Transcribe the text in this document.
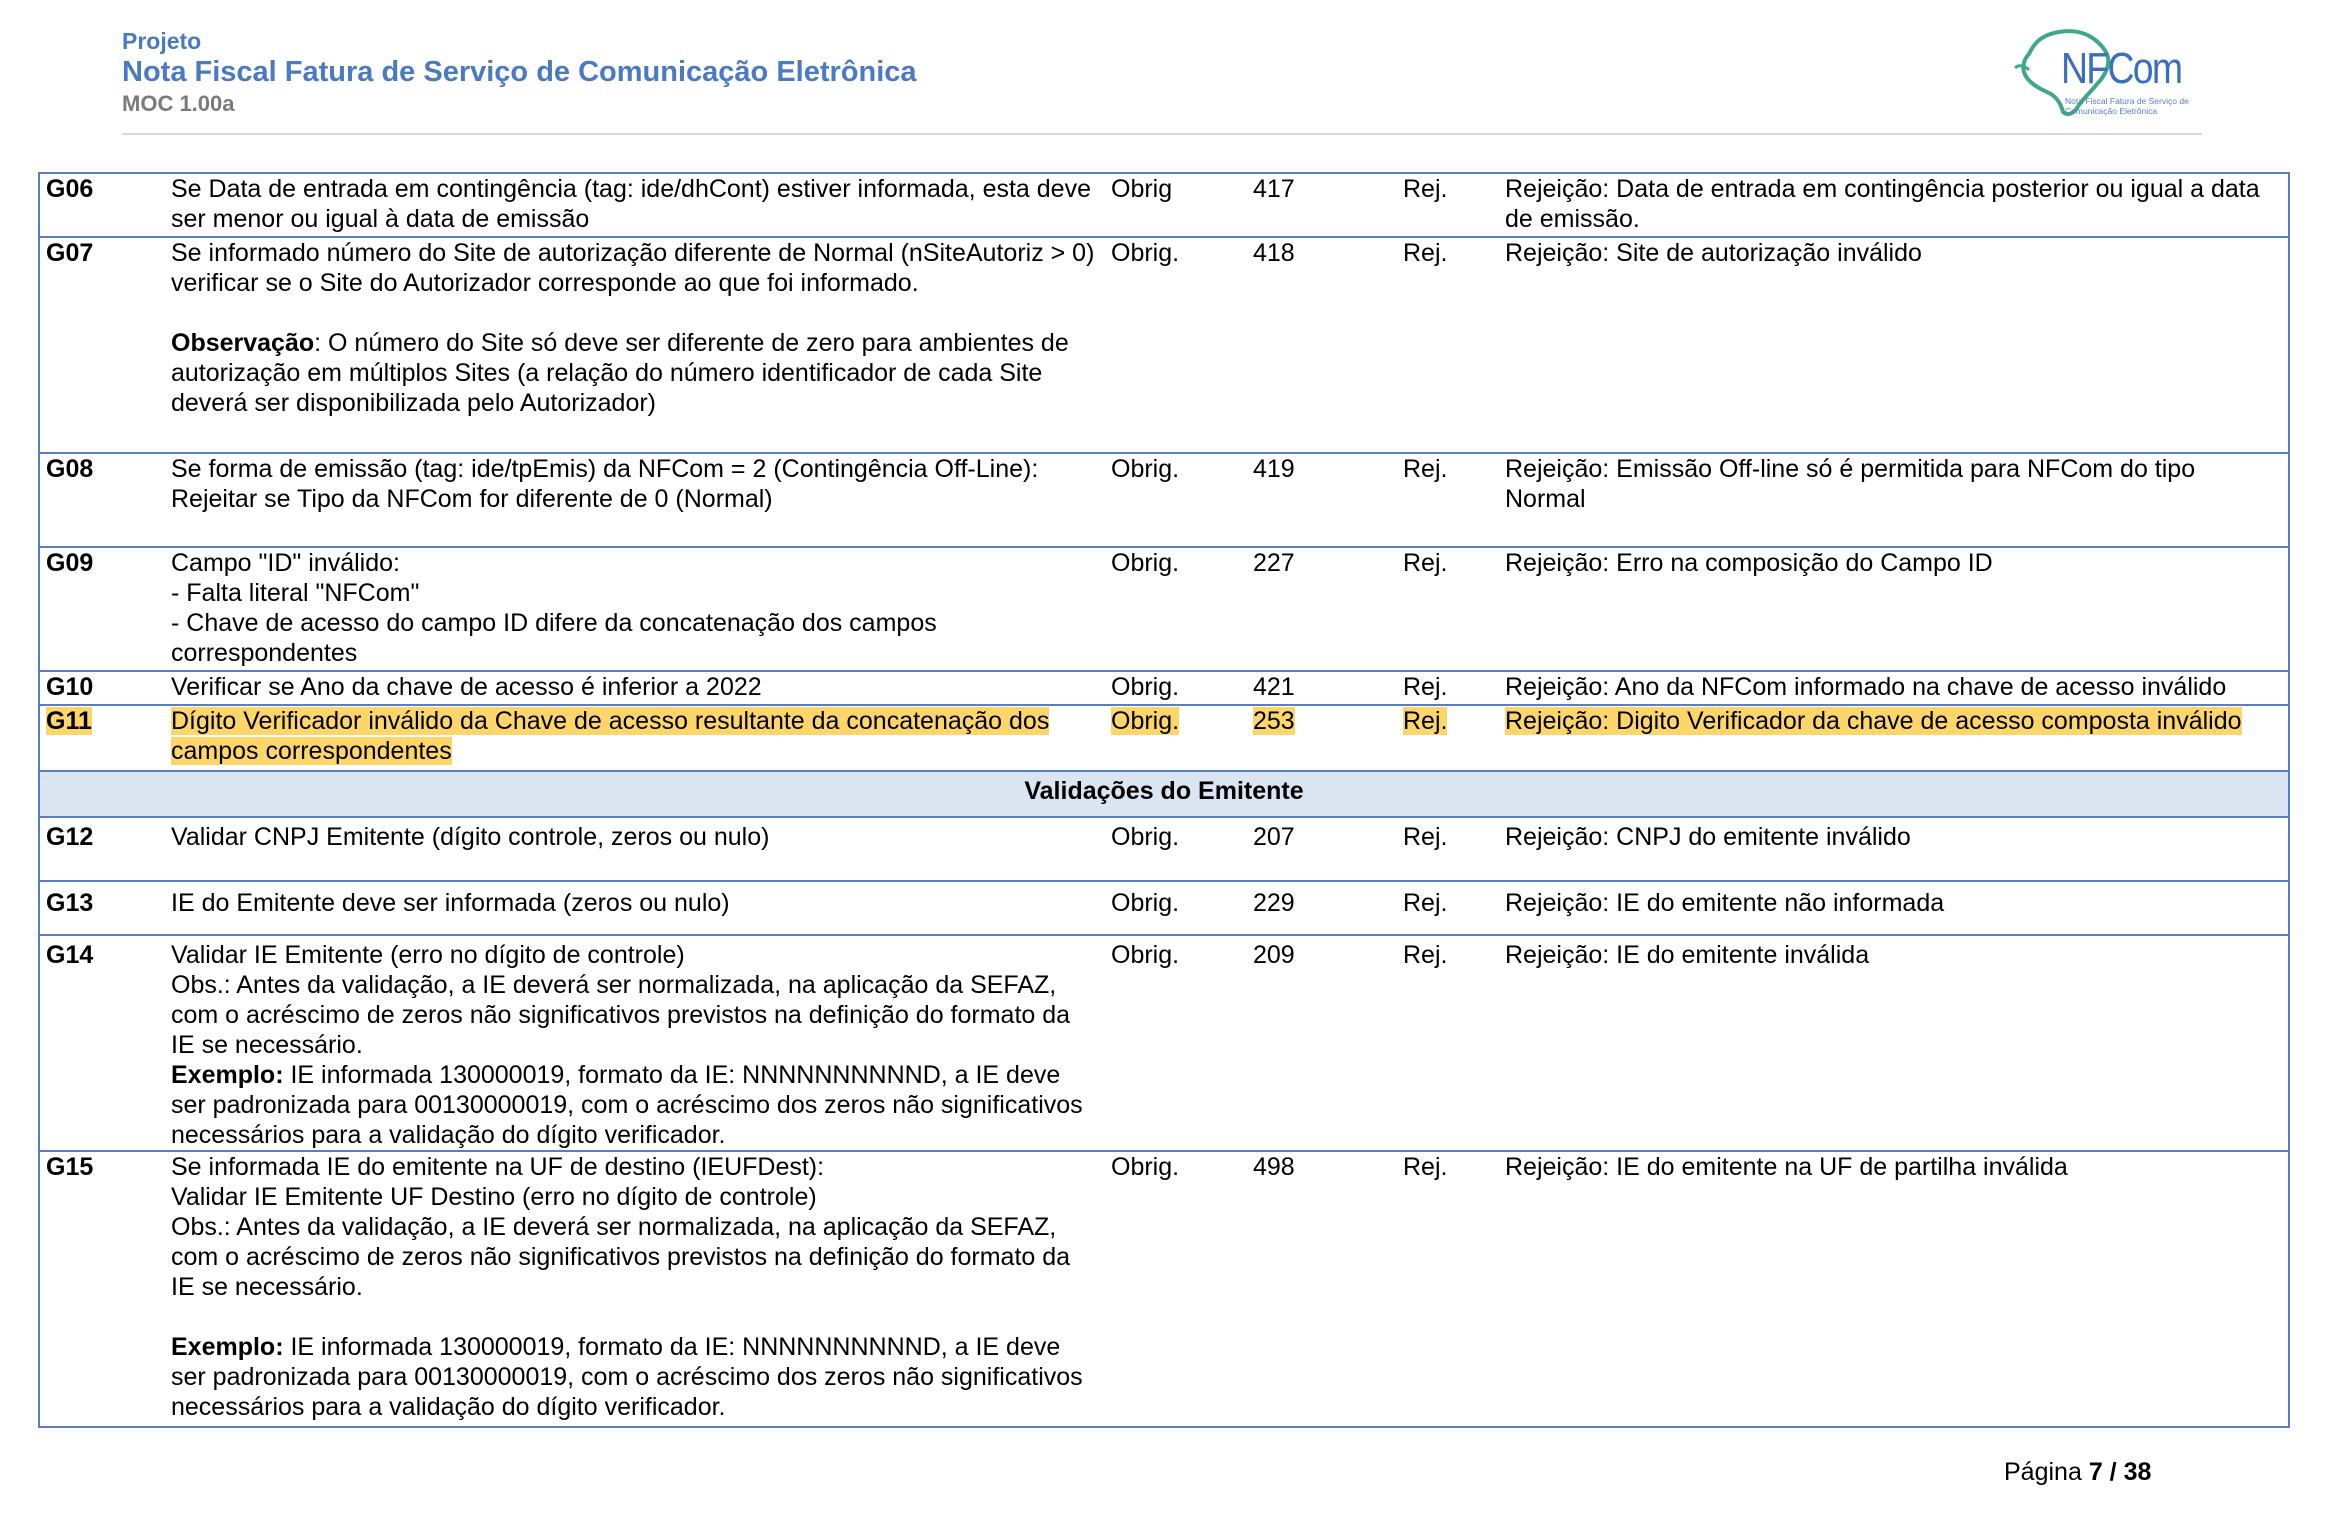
Projeto
Nota Fiscal Fatura de Serviço de Comunicação Eletrônica
MOC 1.00a
NFCom
Nota Fiscal Fatura de Serviço de
Comunicação Eletrônica
G06	Se Data de entrada em contingência (tag: ide/dhCont) estiver informada, esta deve ser menor ou igual à data de emissão	Obrig	417	Rej.	Rejeição: Data de entrada em contingência posterior ou igual a data de emissão.
G07	Se informado número do Site de autorização diferente de Normal (nSiteAutoriz > 0) verificar se o Site do Autorizador corresponde ao que foi informado.
Observação: O número do Site só deve ser diferente de zero para ambientes de autorização em múltiplos Sites (a relação do número identificador de cada Site deverá ser disponibilizada pelo Autorizador)	Obrig.	418	Rej.	Rejeição: Site de autorização inválido
G08	Se forma de emissão (tag: ide/tpEmis) da NFCom = 2 (Contingência Off-Line):
Rejeitar se Tipo da NFCom for diferente de 0 (Normal)	Obrig.	419	Rej.	Rejeição: Emissão Off-line só é permitida para NFCom do tipo Normal
G09	Campo "ID" inválido:
- Falta literal "NFCom"
- Chave de acesso do campo ID difere da concatenação dos campos correspondentes	Obrig.	227	Rej.	Rejeição: Erro na composição do Campo ID
G10	Verificar se Ano da chave de acesso é inferior a 2022	Obrig.	421	Rej.	Rejeição: Ano da NFCom informado na chave de acesso inválido
G11	Dígito Verificador inválido da Chave de acesso resultante da concatenação dos campos correspondentes	Obrig.	253	Rej.	Rejeição: Digito Verificador da chave de acesso composta inválido
Validações do Emitente					
G12	Validar CNPJ Emitente (dígito controle, zeros ou nulo)	Obrig.	207	Rej.	Rejeição: CNPJ do emitente inválido
G13	IE do Emitente deve ser informada (zeros ou nulo)	Obrig.	229	Rej.	Rejeição: IE do emitente não informada
G14	Validar IE Emitente (erro no dígito de controle)
Obs.: Antes da validação, a IE deverá ser normalizada, na aplicação da SEFAZ, com o acréscimo de zeros não significativos previstos na definição do formato da IE se necessário.
Exemplo: IE informada 130000019, formato da IE: NNNNNNNNNND, a IE deve ser padronizada para 00130000019, com o acréscimo dos zeros não significativos necessários para a validação do dígito verificador.	Obrig.	209	Rej.	Rejeição: IE do emitente inválida
G15	Se informada IE do emitente na UF de destino (IEUFDest):
Validar IE Emitente UF Destino (erro no dígito de controle)
Obs.: Antes da validação, a IE deverá ser normalizada, na aplicação da SEFAZ, com o acréscimo de zeros não significativos previstos na definição do formato da IE se necessário.
Exemplo: IE informada 130000019, formato da IE: NNNNNNNNNND, a IE deve ser padronizada para 00130000019, com o acréscimo dos zeros não significativos necessários para a validação do dígito verificador.	Obrig.	498	Rej.	Rejeição: IE do emitente na UF de partilha inválida
Página 7 / 38
